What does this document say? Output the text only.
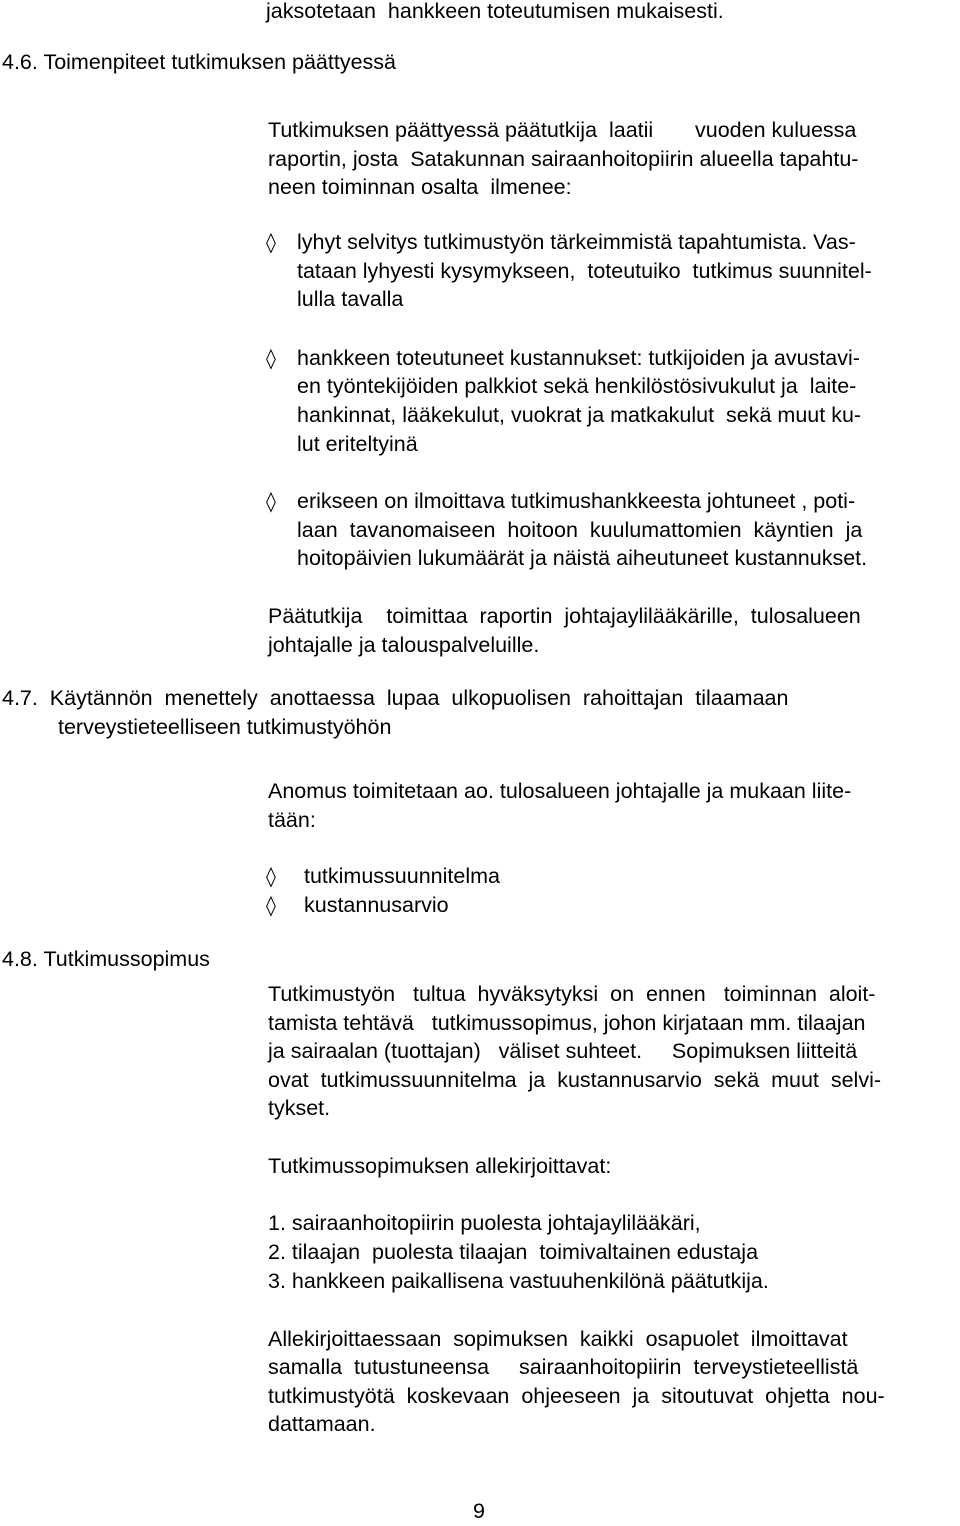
jaksotetaan  hankkeen toteutumisen mukaisesti.
4.6. Toimenpiteet tutkimuksen päättyessä
Tutkimuksen päättyessä päätutkija  laatii       vuoden kuluessa
raportin, josta  Satakunnan sairaanhoitopiirin alueella tapahtu-
neen toiminnan osalta  ilmenee:
◊ lyhyt selvitys tutkimustyön tärkeimmistä tapahtumista. Vas-
tataan lyhyesti kysymykseen,  toteutuiko  tutkimus suunnitel-
lulla tavalla
◊ hankkeen toteutuneet kustannukset: tutkijoiden ja avustavi-
en työntekijöiden palkkiot sekä henkilöstösivukulut ja  laite-
hankinnat, lääkekulut, vuokrat ja matkakulut  sekä muut ku-
lut eriteltyinä
◊ erikseen on ilmoittava tutkimushankkeesta johtuneet , poti-
laan  tavanomaiseen  hoitoon  kuulumattomien  käyntien  ja
hoitopäivien lukumäärät ja näistä aiheutuneet kustannukset.
Päätutkija    toimittaa  raportin  johtajaylilääkärille,  tulosalueen
johtajalle ja talouspalveluille.
4.7.  Käytännön  menettely  anottaessa  lupaa  ulkopuolisen  rahoittajan  tilaamaan
terveystieteelliseen tutkimustyöhön
Anomus toimitetaan ao. tulosalueen johtajalle ja mukaan liite-
tään:
◊ tutkimussuunnitelma
◊ kustannusarvio
4.8. Tutkimussopimus
Tutkimustyön   tultua  hyväksytyksi  on  ennen   toiminnan  aloit-
tamista tehtävä   tutkimussopimus, johon kirjataan mm. tilaajan
ja sairaalan (tuottajan)   väliset suhteet.     Sopimuksen liitteitä
ovat  tutkimussuunnitelma  ja  kustannusarvio  sekä  muut  selvi-
tykset.
Tutkimussopimuksen allekirjoittavat:
1. sairaanhoitopiirin puolesta johtajaylilääkäri,
2. tilaajan  puolesta tilaajan  toimivaltainen edustaja
3. hankkeen paikallisena vastuuhenkilönä päätutkija.
Allekirjoittaessaan  sopimuksen  kaikki  osapuolet  ilmoittavat
samalla  tutustuneensa     sairaanhoitopiirin  terveystieteellistä
tutkimustyötä  koskevaan  ohjeeseen  ja  sitoutuvat  ohjetta  nou-
dattamaan.
9
